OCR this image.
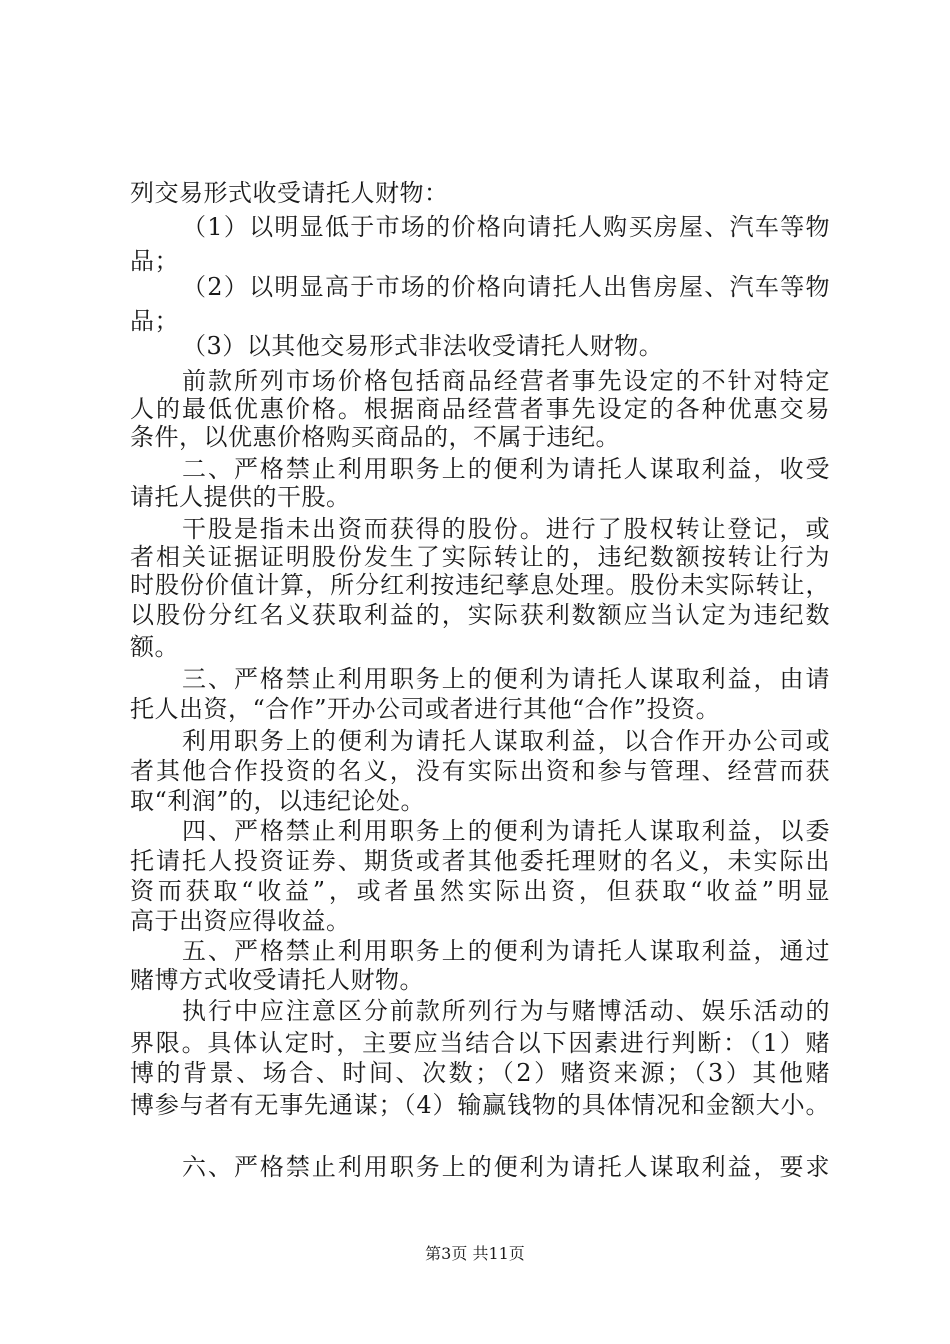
列交易形式收受请托人财物：
（1）以明显低于市场的价格向请托人购买房屋、汽车等物
品；
（2）以明显高于市场的价格向请托人出售房屋、汽车等物
品；
（3）以其他交易形式非法收受请托人财物。
前款所列市场价格包括商品经营者事先设定的不针对特定
人的最低优惠价格。根据商品经营者事先设定的各种优惠交易
条件，以优惠价格购买商品的，不属于违纪。
二、严格禁止利用职务上的便利为请托人谋取利益，收受
请托人提供的干股。
干股是指未出资而获得的股份。进行了股权转让登记，或
者相关证据证明股份发生了实际转让的，违纪数额按转让行为
时股份价值计算，所分红利按违纪孳息处理。股份未实际转让，
以股份分红名义获取利益的，实际获利数额应当认定为违纪数
额。
三、严格禁止利用职务上的便利为请托人谋取利益，由请
托人出资，“合作”开办公司或者进行其他“合作”投资。
利用职务上的便利为请托人谋取利益，以合作开办公司或
者其他合作投资的名义，没有实际出资和参与管理、经营而获
取“利润”的，以违纪论处。
四、严格禁止利用职务上的便利为请托人谋取利益，以委
托请托人投资证券、期货或者其他委托理财的名义，未实际出
资而获取“收益”，或者虽然实际出资，但获取“收益”明显
高于出资应得收益。
五、严格禁止利用职务上的便利为请托人谋取利益，通过
赌博方式收受请托人财物。
执行中应注意区分前款所列行为与赌博活动、娱乐活动的
界限。具体认定时，主要应当结合以下因素进行判断：（1）赌
博的背景、场合、时间、次数；（2）赌资来源；（3）其他赌
博参与者有无事先通谋；（4）输赢钱物的具体情况和金额大小。
六、严格禁止利用职务上的便利为请托人谋取利益，要求
第3页 共11页
